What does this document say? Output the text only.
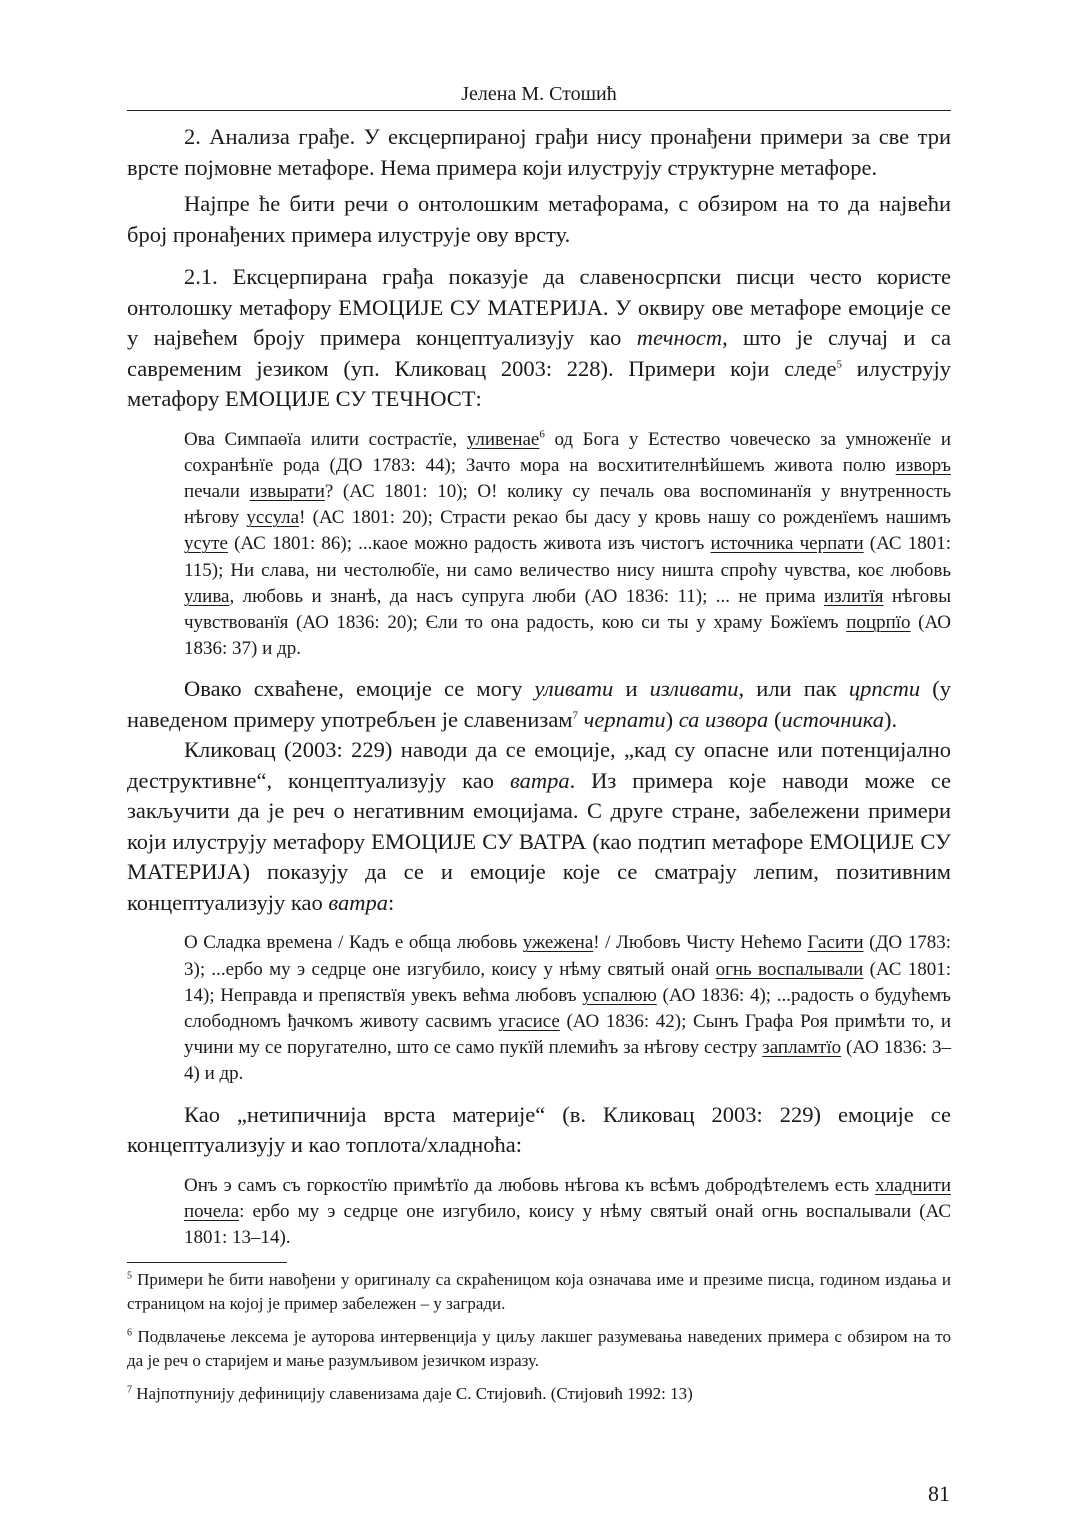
Јелена М. Стошић

2. Анализа грађе. У ексцерпираној грађи нису пронађени примери за све три врсте појмовне метафоре. Нема примера који илуструју структурне метафоре.

Најпре ће бити речи о онтолошким метафорама, с обзиром на то да највећи број пронађених примера илуструје ову врсту.

2.1. Ексцерпирана грађа показује да славеносрпски писци често користе онтолошку метафору ЕМОЦИЈЕ СУ МАТЕРИЈА. У оквиру ове метафоре емоције се у највећем броју примера концептуализују као течност, што је случај и са савременим језиком (уп. Кликовац 2003: 228). Примери који следе$^5$ илуструју метафору ЕМОЦИЈЕ СУ ТЕЧНОСТ:

Ова Симпаөїа илити сострастїе, уливенае$^6$ од Бога у Естество човеческо за умноженїе и сохранѣнїе рода (ДО 1783: 44); Зачто мора на восхитителнѣйшемъ живота полю изворъ печали извырати? (АС 1801: 10); О! колику су печаль ова воспоминанїя у внутренность нѣгову уссула! (АС 1801: 20); Страсти рекао бы дасу у кровь нашу со рожденїемъ нашимъ усуте (АС 1801: 86); ...каое можно радость живота изъ чистогъ источника черпати (АС 1801: 115); Ни слава, ни честолюбїе, ни само величество нису ништа спроћу чувства, коє любовь улива, любовь и знанѣ, да насъ супруга люби (АО 1836: 11); ... не прима излитїя нѣговы чувствованїя (АО 1836: 20); Єли то она радость, кою си ты у храму Божїемъ поцрпїо (АО 1836: 37) и др.

Овако схваћене, емоције се могу уливати и изливати, или пак црпсти (у наведеном примеру употребљен је славенизам$^7$ черпати) са извора (источника).

Кликовац (2003: 229) наводи да се емоције, „кад су опасне или потенцијално деструктивне“, концептуализују као ватра. Из примера које наводи може се закључити да је реч о негативним емоцијама. С друге стране, забележени примери који илуструју метафору ЕМОЦИЈЕ СУ ВАТРА (као подтип метафоре ЕМОЦИЈЕ СУ МАТЕРИЈА) показују да се и емоције које се сматрају лепим, позитивним концептуализују као ватра:

О Сладка времена / Кадъ е обща любовь ужежена! / Любовъ Чисту Нећемо Гасити (ДО 1783: 3); ...ербо му э седрце оне изгубило, коису у нѣму святый онай огнь воспалывали (АС 1801: 14); Неправда и препяствїя увекъ већма любовъ успалюю (АО 1836: 4); ...радость о будућемъ слободномъ ђачкомъ животу сасвимъ угасисе (АО 1836: 42); Сынъ Графа Роя примѣти то, и учини му се поругателно, што се само пукїй племићъ за нѣгову сестру заплaмтїо (АО 1836: 3–4) и др.

Као „нетипичнија врста материје“ (в. Кликовац 2003: 229) емоције се концептуализују и као топлота/хладноћа:

Онъ э самъ съ горкостїю примѣтїо да любовь нѣгова къ всѣмъ добродѣтелемъ есть хладнити почела: ербо му э седрце оне изгубило, коису у нѣму святый онай огнь воспалывали (АС 1801: 13–14).

$^5$ Примери ће бити навођени у оригиналу са скраћеницом која означава име и презиме писца, годином издања и страницом на којој је пример забележен – у загради.

$^6$ Подвлачење лексема је ауторова интервенција у циљу лакшег разумевања наведених примера с обзиром на то да је реч о старијем и мање разумљивом језичком изразу.

$^7$ Најпотпунију дефиницију славенизама даје С. Стијовић. (Стијовић 1992: 13)

81
